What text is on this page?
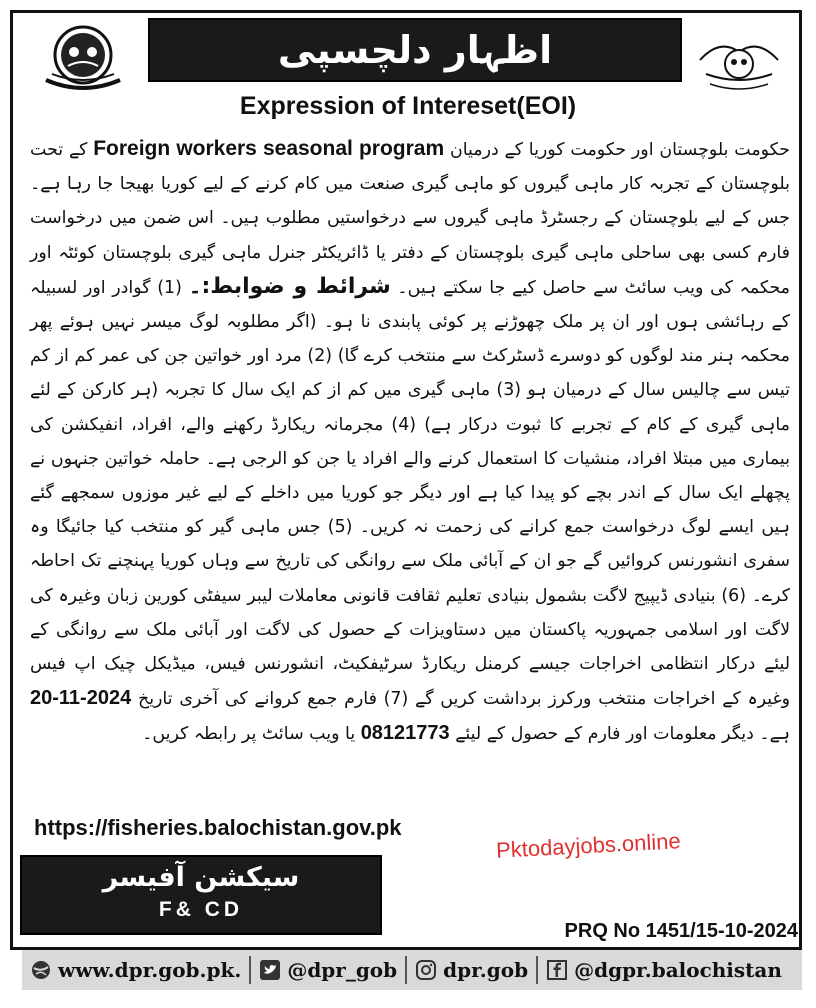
اظہار دلچسپی
Expression of Intereset(EOI)
حکومت بلوچستان اور حکومت کوریا کے درمیان Foreign workers seasonal program کے تحت بلوچستان کے تجربہ کار ماہی گیروں کو ماہی گیری صنعت میں کام کرنے کے لیے کوریا بھیجا جا رہا ہے۔ جس کے لیے بلوچستان کے رجسٹرڈ ماہی گیروں سے درخواستیں مطلوب ہیں۔ اس ضمن میں درخواست فارم کسی بھی ساحلی ماہی گیری بلوچستان کے دفتر یا ڈائریکٹر جنرل ماہی گیری بلوچستان کوئٹہ اور محکمہ کی ویب سائٹ سے حاصل کیے جا سکتے ہیں۔ شرائط و ضوابط:۔ (1) گوادر اور لسبیلہ کے رہائشی ہوں اور ان پر ملک چھوڑنے پر کوئی پابندی نا ہو۔ (اگر مطلوبہ لوگ میسر نہیں ہوئے پھر محکمہ ہنر مند لوگوں کو دوسرے ڈسٹرکٹ سے منتخب کرے گا) (2) مرد اور خواتین جن کی عمر کم از کم تیس سے چالیس سال کے درمیان ہو (3) ماہی گیری میں کم از کم ایک سال کا تجربہ (ہر کارکن کے لئے ماہی گیری کے کام کے تجربے کا ثبوت درکار ہے) (4) مجرمانہ ریکارڈ رکھنے والے، افراد، انفیکشن کی بیماری میں مبتلا افراد، منشیات کا استعمال کرنے والے افراد یا جن کو الرجی ہے۔ حاملہ خواتین جنہوں نے پچھلے ایک سال کے اندر بچے کو پیدا کیا ہے اور دیگر جو کوریا میں داخلے کے لیے غیر موزوں سمجھے گئے ہیں ایسے لوگ درخواست جمع کرانے کی زحمت نہ کریں۔ (5) جس ماہی گیر کو منتخب کیا جائیگا وہ سفری انشورنس کروائیں گے جو ان کے آبائی ملک سے روانگی کی تاریخ سے وہاں کوریا پہنچنے تک احاطہ کرے۔ (6) بنیادی ڈیپیج لاگت بشمول بنیادی تعلیم ثقافت قانونی معاملات لیبر سیفٹی کورین زبان وغیرہ کی لاگت اور اسلامی جمہوریہ پاکستان میں دستاویزات کے حصول کی لاگت اور آبائی ملک سے روانگی کے لیئے درکار انتظامی اخراجات جیسے کرمنل ریکارڈ سرٹیفکیٹ، انشورنس فیس، میڈیکل چیک اپ فیس وغیرہ کے اخراجات منتخب ورکرز برداشت کریں گے (7) فارم جمع کروانے کی آخری تاریخ 20-11-2024 ہے۔ دیگر معلومات اور فارم کے حصول کے لیئے 08121773 یا ویب سائٹ پر رابطہ کریں۔
https://fisheries.balochistan.gov.pk
Pktodayjobs.online
سیکشن آفیسر
F& CD
PRQ No 1451/15-10-2024
www.dpr.gob.pk. @dpr_gob dpr.gob @dgpr.balochistan
